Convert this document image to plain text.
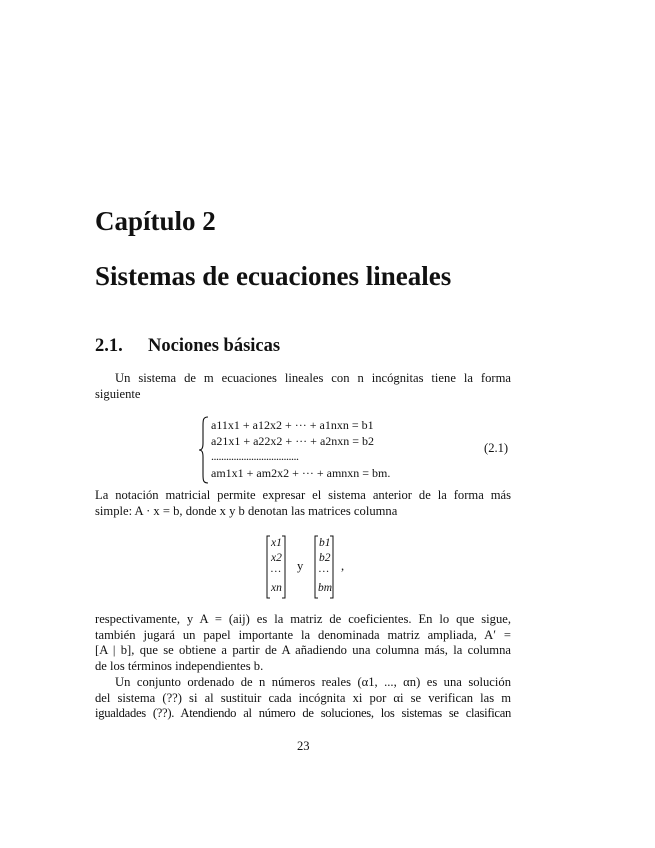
Capítulo 2
Sistemas de ecuaciones lineales
2.1. Nociones básicas
Un sistema de m ecuaciones lineales con n incógnitas tiene la forma
siguiente
a11x1 + a12x2 + ··· + a1nxn = b1
a21x1 + a22x2 + ··· + a2nxn = b2
...................................
am1x1 + am2x2 + ··· + amnxn = bm.
(2.1)
La notación matricial permite expresar el sistema anterior de la forma más
simple: A · x = b, donde x y b denotan las matrices columna
x1
x2
···
xn
y
b1
b2
···
bm
,
respectivamente, y A = (aij) es la matriz de coeficientes. En lo que sigue,
también jugará un papel importante la denominada matriz ampliada, A′ =
[A | b], que se obtiene a partir de A añadiendo una columna más, la columna
de los términos independientes b.
Un conjunto ordenado de n números reales (α1, ..., αn) es una solución
del sistema (??) si al sustituir cada incógnita xi por αi se verifican las m
igualdades (??). Atendiendo al número de soluciones, los sistemas se clasifican
23
